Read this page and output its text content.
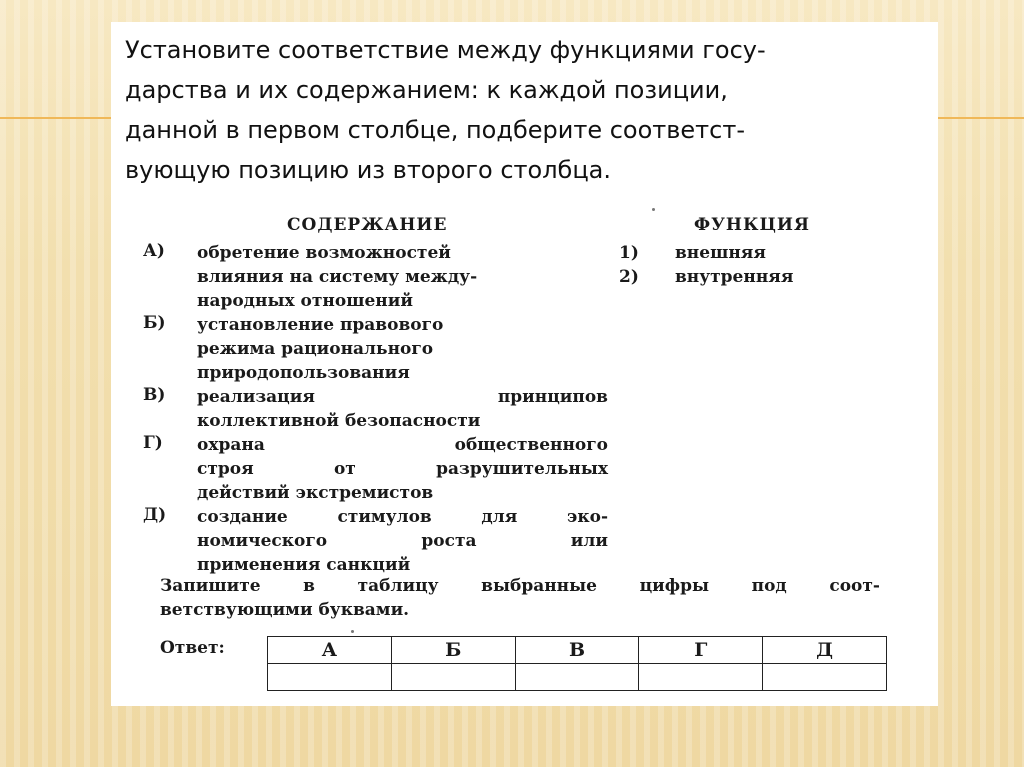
Установите соответствие между функциями госу-
дарства и их содержанием: к каждой позиции,
данной в первом столбце, подберите соответст-
вующую позицию из второго столбца.
СОДЕРЖАНИЕ	ФУНКЦИЯ
А) обретение возможностей
влияния на систему между-
народных отношений
Б) установление правового
режима рационального
природопользования
В) реализация принципов
коллективной безопасности
Г) охрана общественного
строя от разрушительных
действий экстремистов
Д) создание стимулов для эко-
номического роста или
применения санкций
1) внешняя
2) внутренняя
Запишите в таблицу выбранные цифры под соот-
ветствующими буквами.
Ответ:	А	Б	В	Г	Д
